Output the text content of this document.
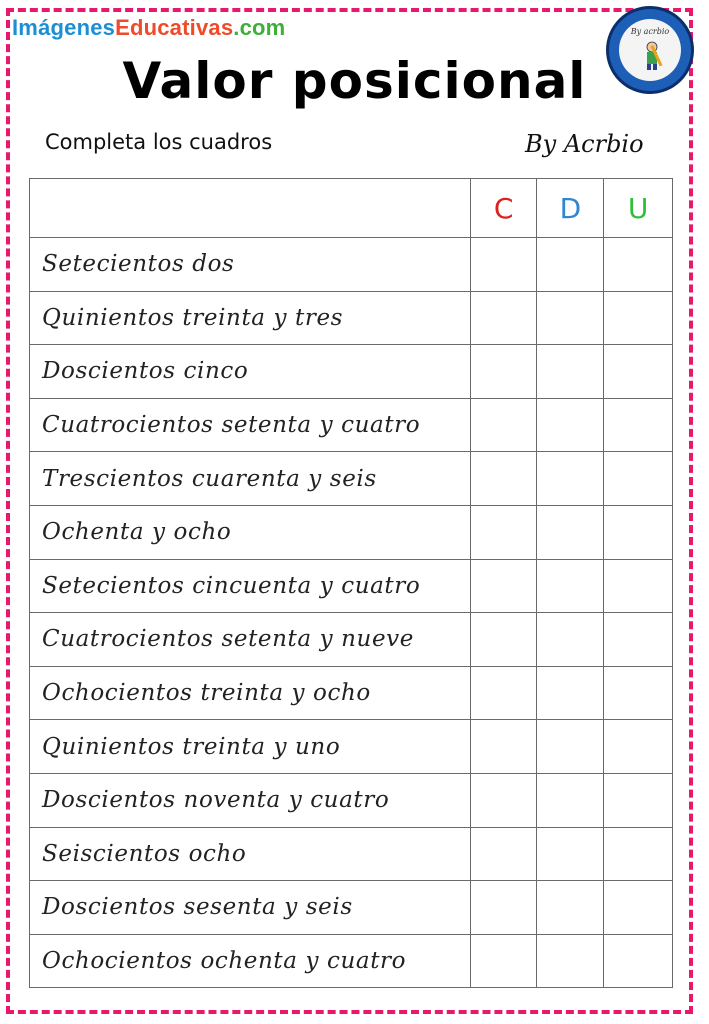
ImágenesEducativas.com	By acrbio
Valor posicional
Completa los cuadros	By Acrbio
	C	D	U
Setecientos dos			
Quinientos treinta y tres			
Doscientos cinco			
Cuatrocientos setenta y cuatro			
Trescientos cuarenta y seis			
Ochenta y ocho			
Setecientos cincuenta y cuatro			
Cuatrocientos setenta y nueve			
Ochocientos treinta y ocho			
Quinientos treinta y uno			
Doscientos noventa y cuatro			
Seiscientos ocho			
Doscientos sesenta y seis			
Ochocientos ochenta y cuatro			
